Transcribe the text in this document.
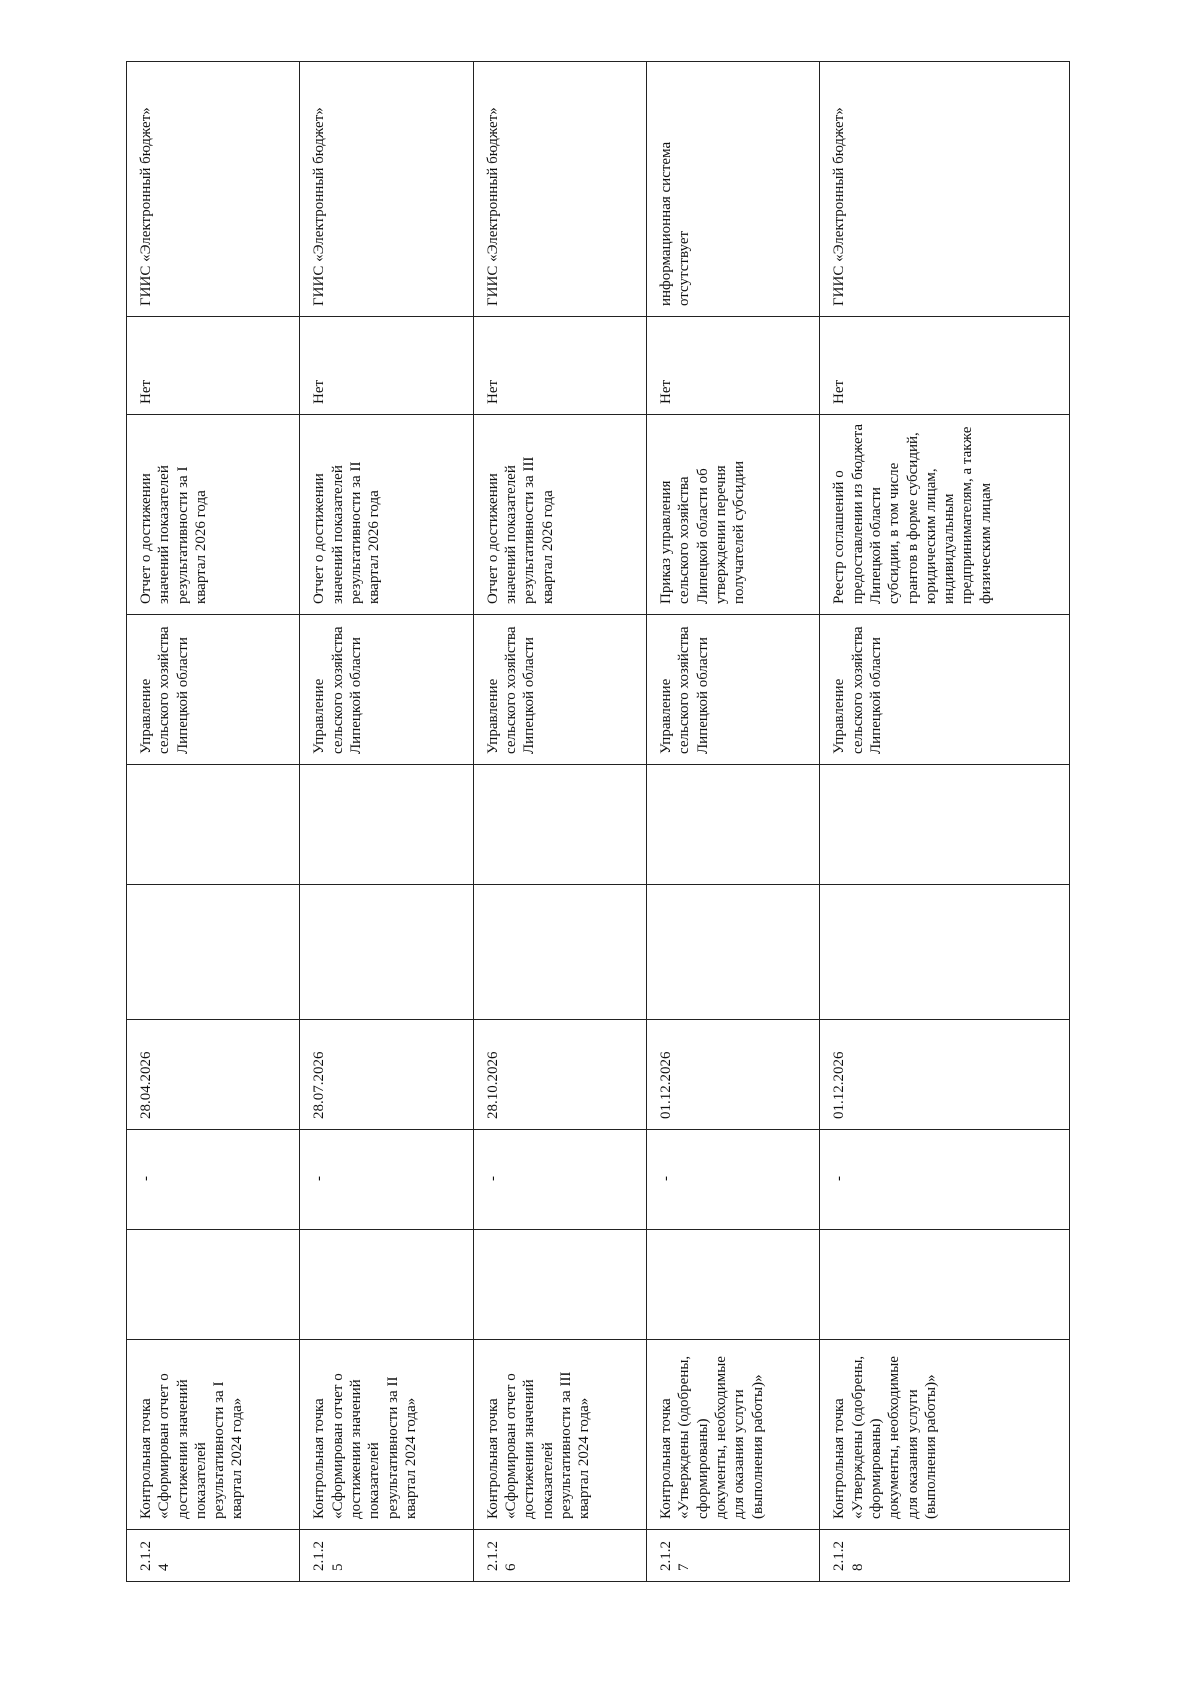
2.1.24	Контрольная точка «Сформирован отчет о достижении значений показателей результативности за I квартал 2024 года»		-	28.04.2026			Управление сельского хозяйства Липецкой области	Отчет о достижении значений показателей результативности за I квартал 2026 года	Нет	ГИИС «Электронный бюджет»

2.1.25	Контрольная точка «Сформирован отчет о достижении значений показателей результативности за II квартал 2024 года»		-	28.07.2026			Управление сельского хозяйства Липецкой области	Отчет о достижении значений показателей результативности за II квартал 2026 года	Нет	ГИИС «Электронный бюджет»

2.1.26	Контрольная точка «Сформирован отчет о достижении значений показателей результативности за III квартал 2024 года»		-	28.10.2026			Управление сельского хозяйства Липецкой области	Отчет о достижении значений показателей результативности за III квартал 2026 года	Нет	ГИИС «Электронный бюджет»

2.1.27	Контрольная точка «Утверждены (одобрены, сформированы) документы, необходимые для оказания услуги (выполнения работы)»		-	01.12.2026			Управление сельского хозяйства Липецкой области	Приказ управления сельского хозяйства Липецкой области об утверждении перечня получателей субсидии	Нет	информационная система отсутствует

2.1.28	Контрольная точка «Утверждены (одобрены, сформированы) документы, необходимые для оказания услуги (выполнения работы)»		-	01.12.2026			Управление сельского хозяйства Липецкой области	Реестр соглашений о предоставлении из бюджета Липецкой области субсидии, в том числе грантов в форме субсидий, юридическим лицам, индивидуальным предпринимателям, а также физическим лицам	Нет	ГИИС «Электронный бюджет»
